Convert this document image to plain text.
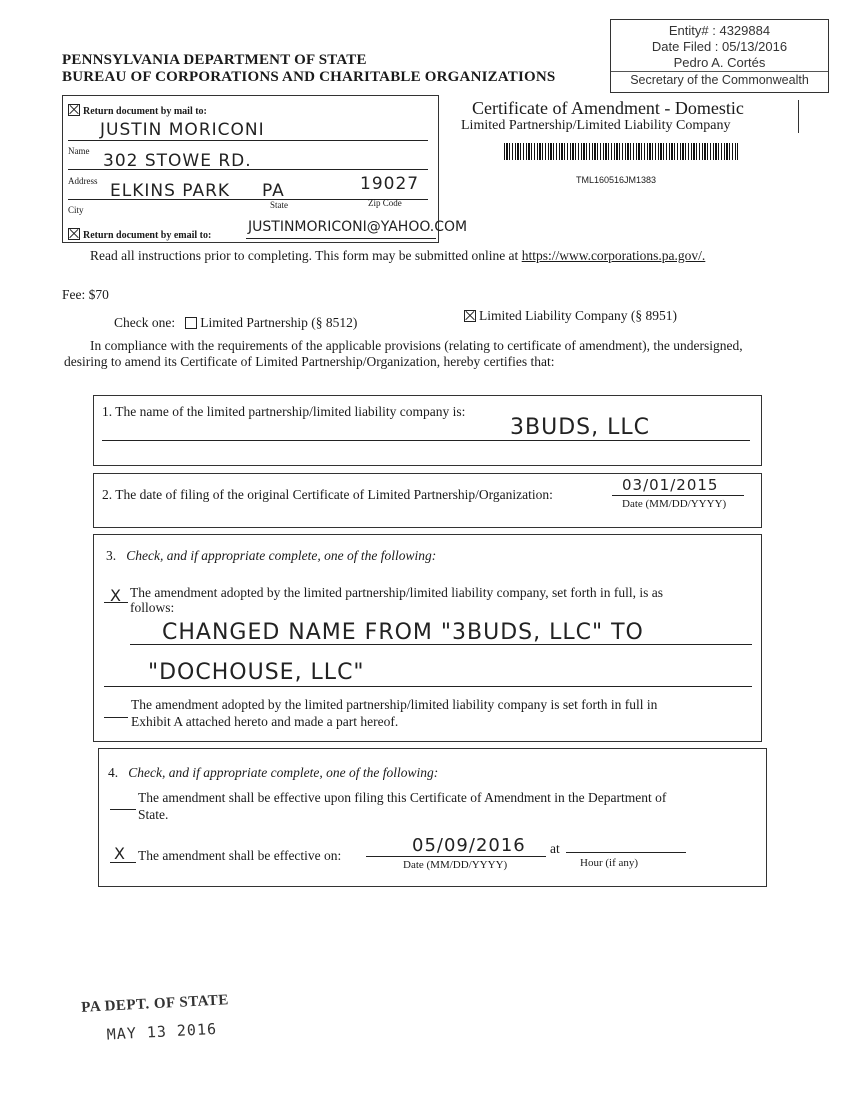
Entity# : 4329884
Date Filed : 05/13/2016
Pedro A. Cortés
Secretary of the Commonwealth
PENNSYLVANIA DEPARTMENT OF STATE
BUREAU OF CORPORATIONS AND CHARITABLE ORGANIZATIONS
Return document by mail to:
JUSTIN MORICONI
Name 302 STOWE RD.
Address ELKINS PARK PA	19027
City	State	Zip Code
Return document by email to:
JUSTINMORICONI@YAHOO.COM
Certificate of Amendment - Domestic
Limited Partnership/Limited Liability Company
TML160516JM1383
Read all instructions prior to completing. This form may be submitted online at https://www.corporations.pa.gov/.
Fee: $70
Check one: Limited Partnership (§ 8512)	Limited Liability Company (§ 8951)
In compliance with the requirements of the applicable provisions (relating to certificate of amendment), the undersigned, desiring to amend its Certificate of Limited Partnership/Organization, hereby certifies that:
1. The name of the limited partnership/limited liability company is:
3BUDS, LLC
2. The date of filing of the original Certificate of Limited Partnership/Organization:
03/01/2015
Date (MM/DD/YYYY)
3. Check, and if appropriate complete, one of the following:
X The amendment adopted by the limited partnership/limited liability company, set forth in full, is as
follows:
CHANGED NAME FROM "3BUDS, LLC" TO
"DOCHOUSE, LLC"
The amendment adopted by the limited partnership/limited liability company is set forth in full in
Exhibit A attached hereto and made a part hereof.
4. Check, and if appropriate complete, one of the following:
The amendment shall be effective upon filing this Certificate of Amendment in the Department of
State.
X The amendment shall be effective on:	05/09/2016 at
Date (MM/DD/YYYY)	Hour (if any)
PA DEPT. OF STATE
MAY 13 2016
